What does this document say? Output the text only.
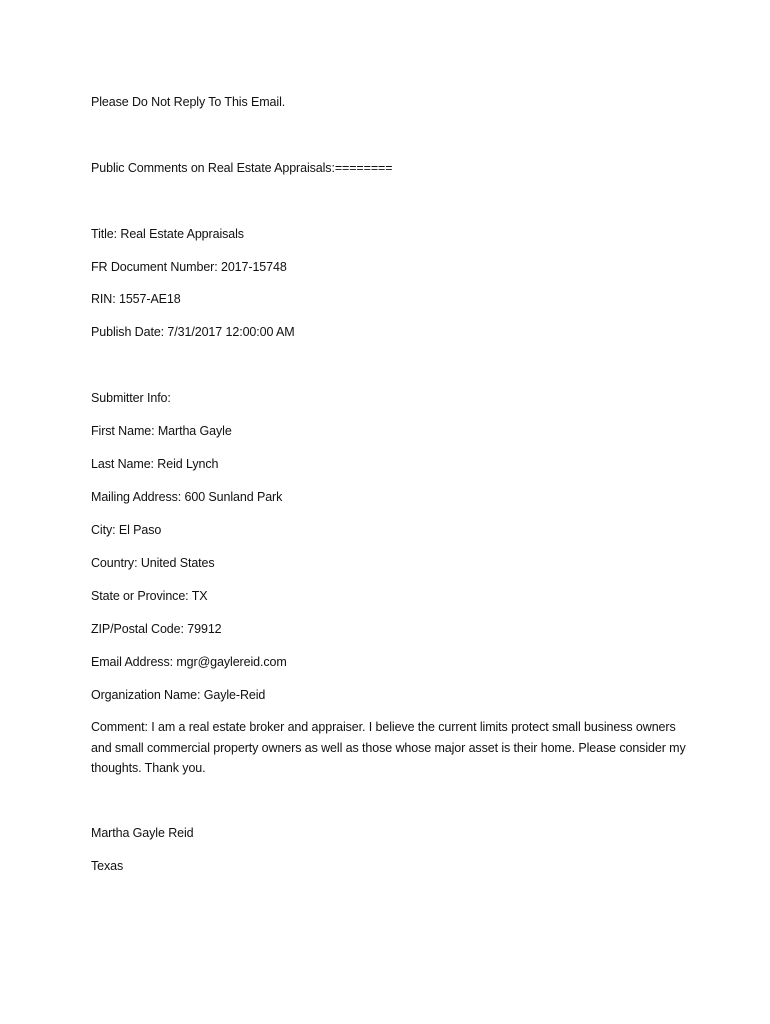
Please Do Not Reply To This Email.
Public Comments on Real Estate Appraisals:========
Title: Real Estate Appraisals
FR Document Number: 2017-15748
RIN: 1557-AE18
Publish Date: 7/31/2017 12:00:00 AM
Submitter Info:
First Name: Martha Gayle
Last Name: Reid Lynch
Mailing Address: 600 Sunland Park
City: El Paso
Country: United States
State or Province: TX
ZIP/Postal Code: 79912
Email Address: mgr@gaylereid.com
Organization Name: Gayle-Reid
Comment: I am a real estate broker and appraiser. I believe the current limits protect small business owners and small commercial property owners as well as those whose major asset is their home. Please consider my thoughts. Thank you.
Martha Gayle Reid
Texas
